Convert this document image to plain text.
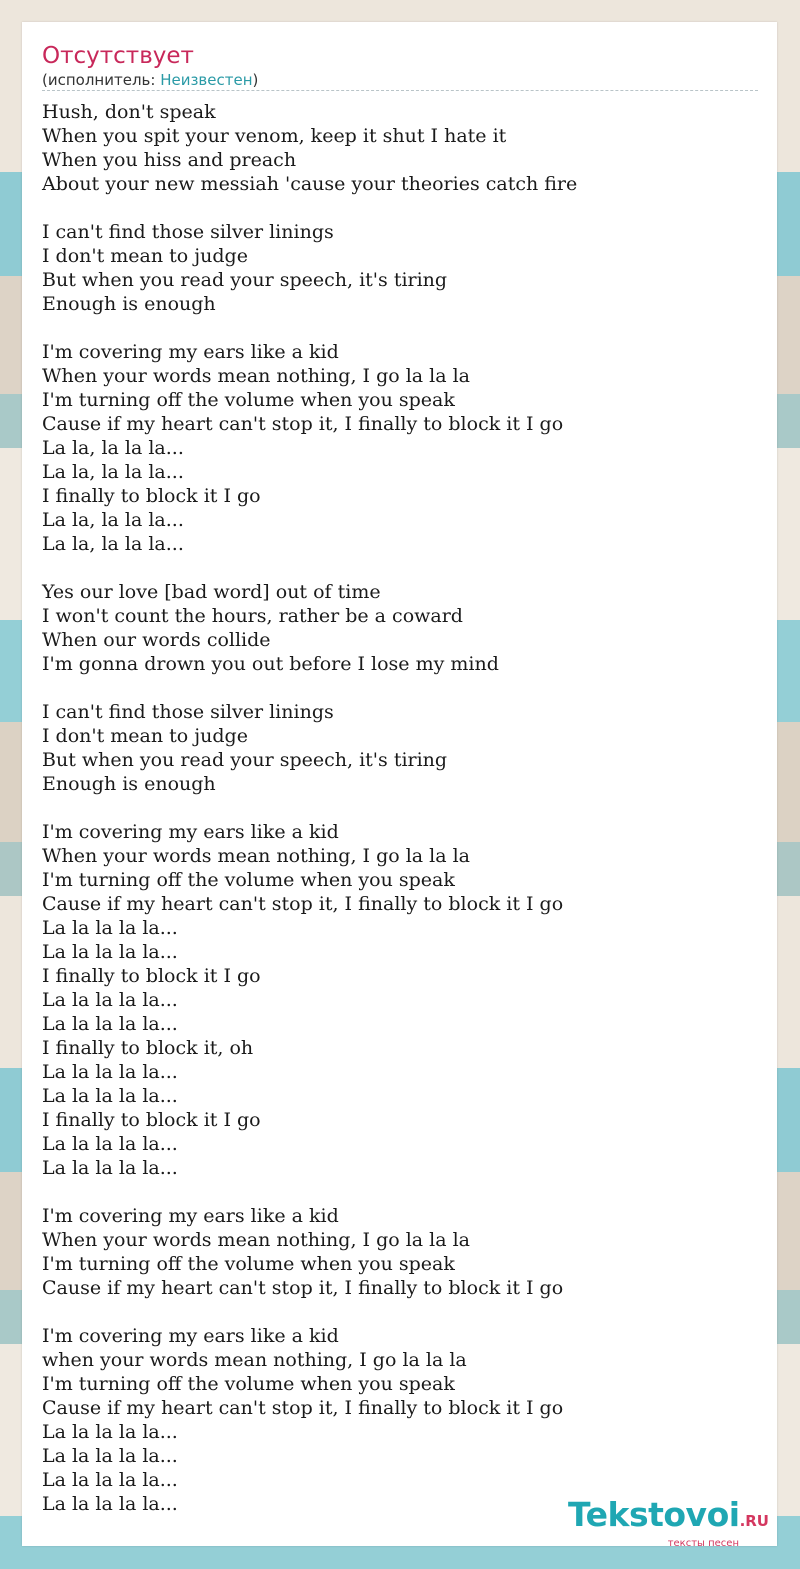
Отсутствует
(исполнитель: Неизвестен)
Hush, don't speak
When you spit your venom, keep it shut I hate it
When you hiss and preach
About your new messiah 'cause your theories catch fire
I can't find those silver linings
I don't mean to judge
But when you read your speech, it's tiring
Enough is enough
I'm covering my ears like a kid
When your words mean nothing, I go la la la
I'm turning off the volume when you speak
Cause if my heart can't stop it, I finally to block it I go
La la, la la la...
La la, la la la...
I finally to block it I go
La la, la la la...
La la, la la la...
Yes our love [bad word] out of time
I won't count the hours, rather be a coward
When our words collide
I'm gonna drown you out before I lose my mind
I can't find those silver linings
I don't mean to judge
But when you read your speech, it's tiring
Enough is enough
I'm covering my ears like a kid
When your words mean nothing, I go la la la
I'm turning off the volume when you speak
Cause if my heart can't stop it, I finally to block it I go
La la la la la...
La la la la la...
I finally to block it I go
La la la la la...
La la la la la...
I finally to block it, oh
La la la la la...
La la la la la...
I finally to block it I go
La la la la la...
La la la la la...
I'm covering my ears like a kid
When your words mean nothing, I go la la la
I'm turning off the volume when you speak
Cause if my heart can't stop it, I finally to block it I go
I'm covering my ears like a kid
when your words mean nothing, I go la la la
I'm turning off the volume when you speak
Cause if my heart can't stop it, I finally to block it I go
La la la la la...
La la la la la...
La la la la la...
La la la la la...	Tekstovoi.RU
тексты песен
